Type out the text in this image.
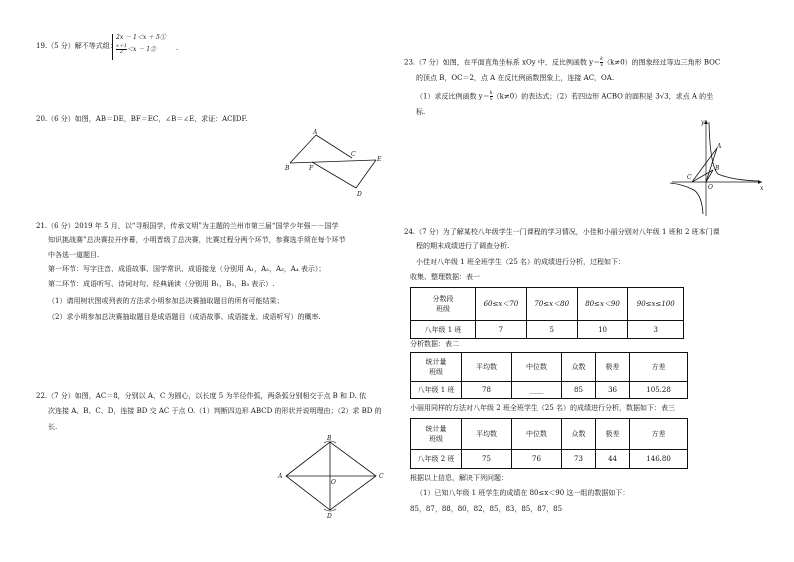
19.（5 分）解不等式组：
2x － 1＜x ＋ 5①
$\frac{x+1}{2} <x$ － 1②	.
20.（6 分）如图，AB＝DE，BF＝EC，∠B＝∠E，求证：AC∥DF.
A
B
C
D
E
F
21.（6 分）2019 年 5 月，以“寻根国学，传承文明”为主题的兰州市第三届“国学少年强－－国学
知识挑战赛”总决赛拉开序幕，小明晋级了总决赛，比赛过程分两个环节，参赛选手须在每个环节
中各选一道题目.
第一环节：写字注音、成语故事、国学常识、成语接龙（分别用 A₁，A₂，A₃，A₄ 表示）；
第二环节：成语听写、诗词对句、经典诵读（分别用 B₁，B₂，B₃ 表示）.
（1）请用树状图或列表的方法求小明参加总决赛抽取题目的所有可能结果；
（2）求小明参加总决赛抽取题目是成语题目（成语故事、成语接龙、成语听写）的概率.
22.（7 分）如图，AC＝8，分别以 A、C 为圆心，以长度 5 为半径作弧，两条弧分别相交于点 B 和 D. 依
次连接 A、B、C、D，连接 BD 交 AC 于点 O.（1）判断四边形 ABCD 的形状并说明理由；（2）求 BD 的
长.
B
A	C
D
O
23.（7 分）如图，在平面直角坐标系 xOy 中，反比例函数 $y= \frac{k}{x} (k\ne 0)$的图象经过等边三角形 BOC
的顶点 B，OC＝2，点 A 在反比例函数图象上，连接 AC，OA.
（1）求反比例函数 $y= \frac{k}{x} (k\ne 0)$的表达式；（2）若四边形 ACBO 的面积是 3√3，求点 A 的坐
标.
y
x
A
B
C
O
24.（7 分）为了解某校八年级学生一门课程的学习情况，小佳和小丽分别对八年级 1 班和 2 班本门课
程的期末成绩进行了调查分析.
小佳对八年级 1 班全班学生（25 名）的成绩进行分析，过程如下：
收集、整理数据：表一
分数段
班级	60≤x＜70	70≤x＜80	80≤x＜90	90≤x≤100
八年级 1 班	7	5	10	3
分析数据：表二
统计量
班级	平均数	中位数	众数	极差	方差
八年级 1 班	78	____	85	36	105.28
小丽用同样的方法对八年级 2 班全班学生（25 名）的成绩进行分析，数据如下：表三
统计量
班级	平均数	中位数	众数	极差	方差
八年级 2 班	75	76	73	44	146.80
根据以上信息，解决下列问题：
（1）已知八年级 1 班学生的成绩在 80≤x＜90 这一组的数据如下：
85，87，88，80，82，85，83，85，87，85
